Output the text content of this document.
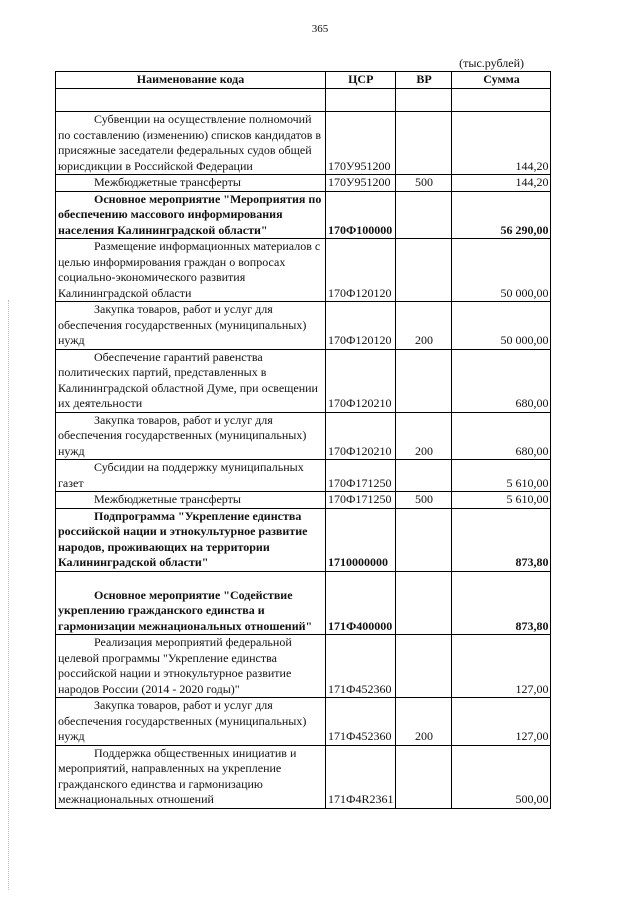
365
(тыс.рублей)
Наименование кода	ЦСР	ВР	Сумма

Субвенции на осуществление полномочий по составлению (изменению) списков кандидатов в присяжные заседатели федеральных судов общей юрисдикции в Российской Федерации	170У951200		144,20
Межбюджетные трансферты	170У951200	500	144,20
Основное мероприятие "Мероприятия по обеспечению массового информирования населения Калининградской области"	170Ф100000		56 290,00
Размещение информационных материалов с целью информирования граждан о вопросах социально-экономического развития Калининградской области	170Ф120120		50 000,00
Закупка товаров, работ и услуг для обеспечения государственных (муниципальных) нужд	170Ф120120	200	50 000,00
Обеспечение гарантий равенства политических партий, представленных в Калининградской областной Думе, при освещении их деятельности	170Ф120210		680,00
Закупка товаров, работ и услуг для обеспечения государственных (муниципальных) нужд	170Ф120210	200	680,00
Субсидии на поддержку муниципальных газет	170Ф171250		5 610,00
Межбюджетные трансферты	170Ф171250	500	5 610,00
Подпрограмма "Укрепление единства российской нации и этнокультурное развитие народов, проживающих на территории Калининградской области"	1710000000		873,80
Основное мероприятие "Содействие укреплению гражданского единства и гармонизации межнациональных отношений"	171Ф400000		873,80
Реализация мероприятий федеральной целевой программы "Укрепление единства российской нации и этнокультурное развитие народов России (2014 - 2020 годы)"	171Ф452360		127,00
Закупка товаров, работ и услуг для обеспечения государственных (муниципальных) нужд	171Ф452360	200	127,00
Поддержка общественных инициатив и мероприятий, направленных на укрепление гражданского единства и гармонизацию межнациональных отношений	171Ф4R2361		500,00
